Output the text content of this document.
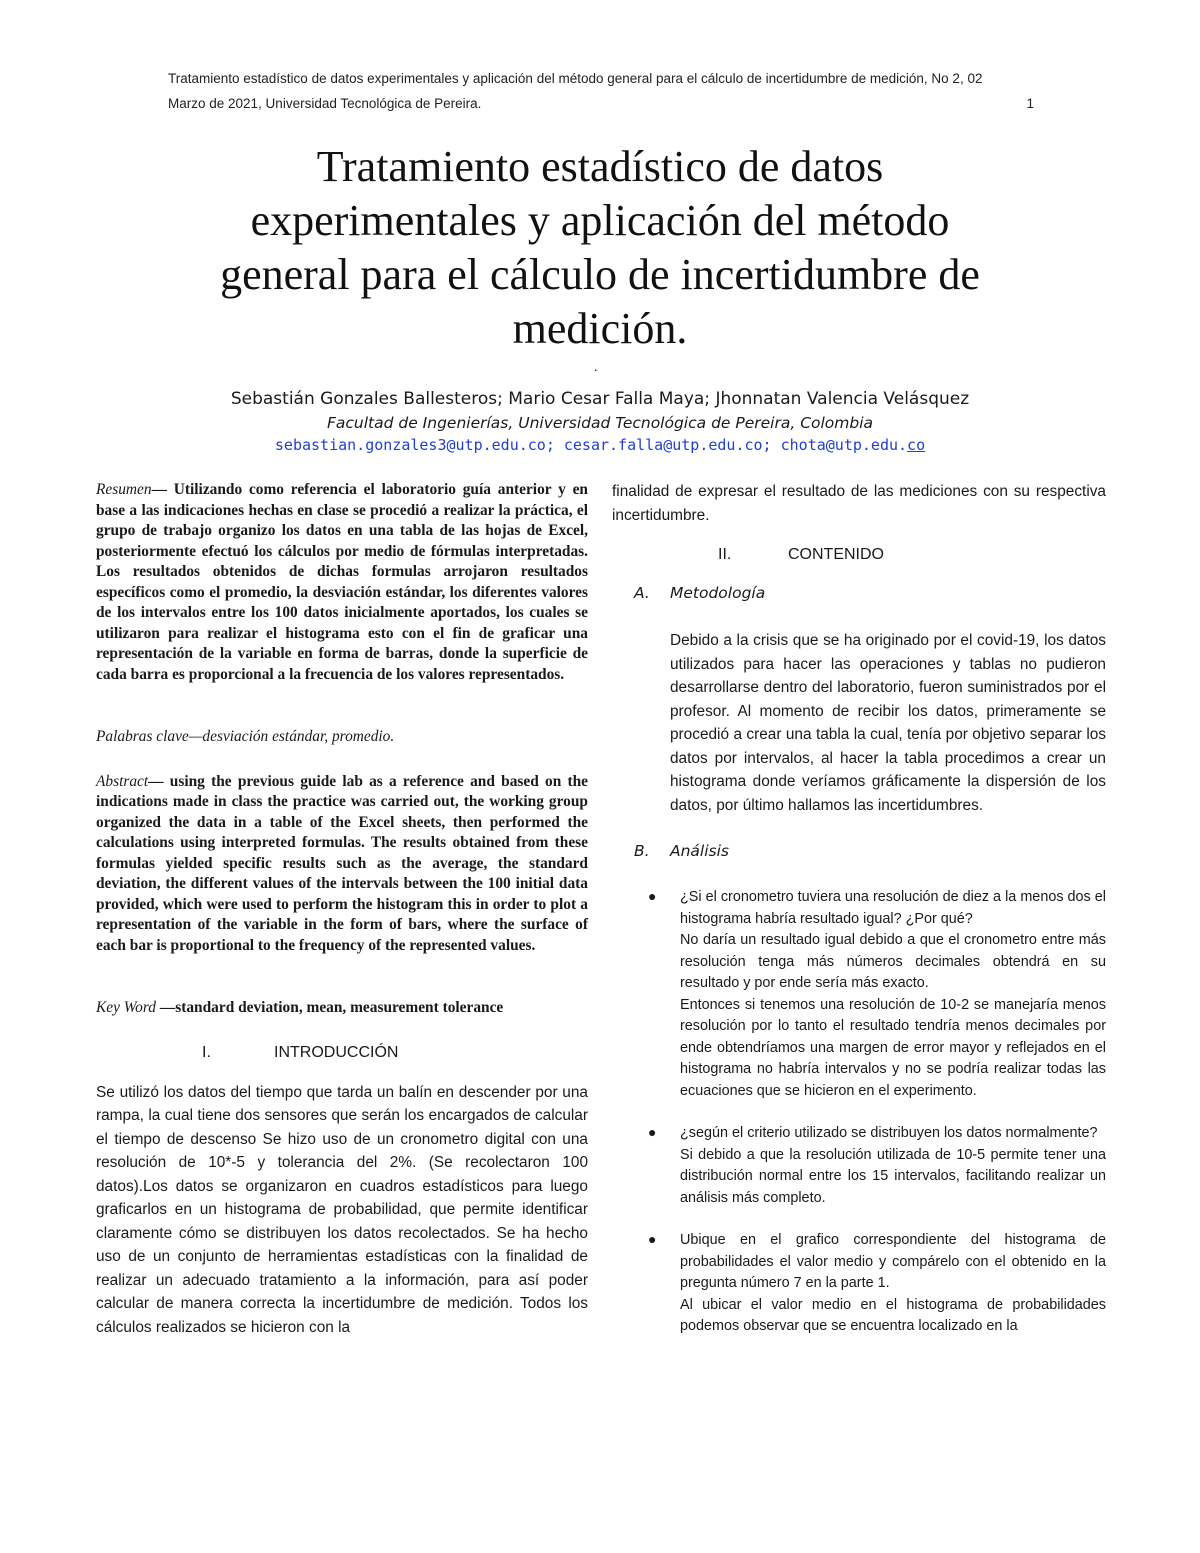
Tratamiento estadístico de datos experimentales y aplicación del método general para el cálculo de incertidumbre de medición, No 2, 02
Marzo de 2021, Universidad Tecnológica de Pereira.	1
Tratamiento estadístico de datos
experimentales y aplicación del método
general para el cálculo de incertidumbre de
medición.
.
Sebastián Gonzales Ballesteros; Mario Cesar Falla Maya; Jhonnatan Valencia Velásquez
Facultad de Ingenierías, Universidad Tecnológica de Pereira, Colombia
sebastian.gonzales3@utp.edu.co; cesar.falla@utp.edu.co; chota@utp.edu.co

Resumen— Utilizando como referencia el laboratorio guía anterior y en base a las indicaciones hechas en clase se procedió a realizar la práctica, el grupo de trabajo organizo los datos en una tabla de las hojas de Excel, posteriormente efectuó los cálculos por medio de fórmulas interpretadas. Los resultados obtenidos de dichas formulas arrojaron resultados específicos como el promedio, la desviación estándar, los diferentes valores de los intervalos entre los 100 datos inicialmente aportados, los cuales se utilizaron para realizar el histograma esto con el fin de graficar una representación de la variable en forma de barras, donde la superficie de cada barra es proporcional a la frecuencia de los valores representados.

Palabras clave—desviación estándar, promedio.

Abstract— using the previous guide lab as a reference and based on the indications made in class the practice was carried out, the working group organized the data in a table of the Excel sheets, then performed the calculations using interpreted formulas. The results obtained from these formulas yielded specific results such as the average, the standard deviation, the different values of the intervals between the 100 initial data provided, which were used to perform the histogram this in order to plot a representation of the variable in the form of bars, where the surface of each bar is proportional to the frequency of the represented values.

Key Word —standard deviation, mean, measurement tolerance

I.	INTRODUCCIÓN

Se utilizó los datos del tiempo que tarda un balín en descender por una rampa, la cual tiene dos sensores que serán los encargados de calcular el tiempo de descenso Se hizo uso de un cronometro digital con una resolución de 10*-5 y tolerancia del 2%. (Se recolectaron 100 datos).Los datos se organizaron en cuadros estadísticos para luego graficarlos en un histograma de probabilidad, que permite identificar claramente cómo se distribuyen los datos recolectados. Se ha hecho uso de un conjunto de herramientas estadísticas con la finalidad de realizar un adecuado tratamiento a la información, para así poder calcular de manera correcta la incertidumbre de medición. Todos los cálculos realizados se hicieron con la

finalidad de expresar el resultado de las mediciones con su respectiva incertidumbre.

II.	CONTENIDO
A. Metodología

Debido a la crisis que se ha originado por el covid-19, los datos utilizados para hacer las operaciones y tablas no pudieron desarrollarse dentro del laboratorio, fueron suministrados por el profesor. Al momento de recibir los datos, primeramente se procedió a crear una tabla la cual, tenía por objetivo separar los datos por intervalos, al hacer la tabla procedimos a crear un histograma donde veríamos gráficamente la dispersión de los datos, por último hallamos las incertidumbres.

B. Análisis
● ¿Si el cronometro tuviera una resolución de diez a la menos dos el histograma habría resultado igual? ¿Por qué?

No daría un resultado igual debido a que el cronometro entre más resolución tenga más números decimales obtendrá en su resultado y por ende sería más exacto.

Entonces si tenemos una resolución de 10-2 se manejaría menos resolución por lo tanto el resultado tendría menos decimales por ende obtendríamos una margen de error mayor y reflejados en el histograma no habría intervalos y no se podría realizar todas las ecuaciones que se hicieron en el experimento.

● ¿según el criterio utilizado se distribuyen los datos normalmente?

Si debido a que la resolución utilizada de 10-5 permite tener una distribución normal entre los 15 intervalos, facilitando realizar un análisis más completo.

● Ubique en el grafico correspondiente del histograma de probabilidades el valor medio y compárelo con el obtenido en la pregunta número 7 en la parte 1.

Al ubicar el valor medio en el histograma de probabilidades podemos observar que se encuentra localizado en la
